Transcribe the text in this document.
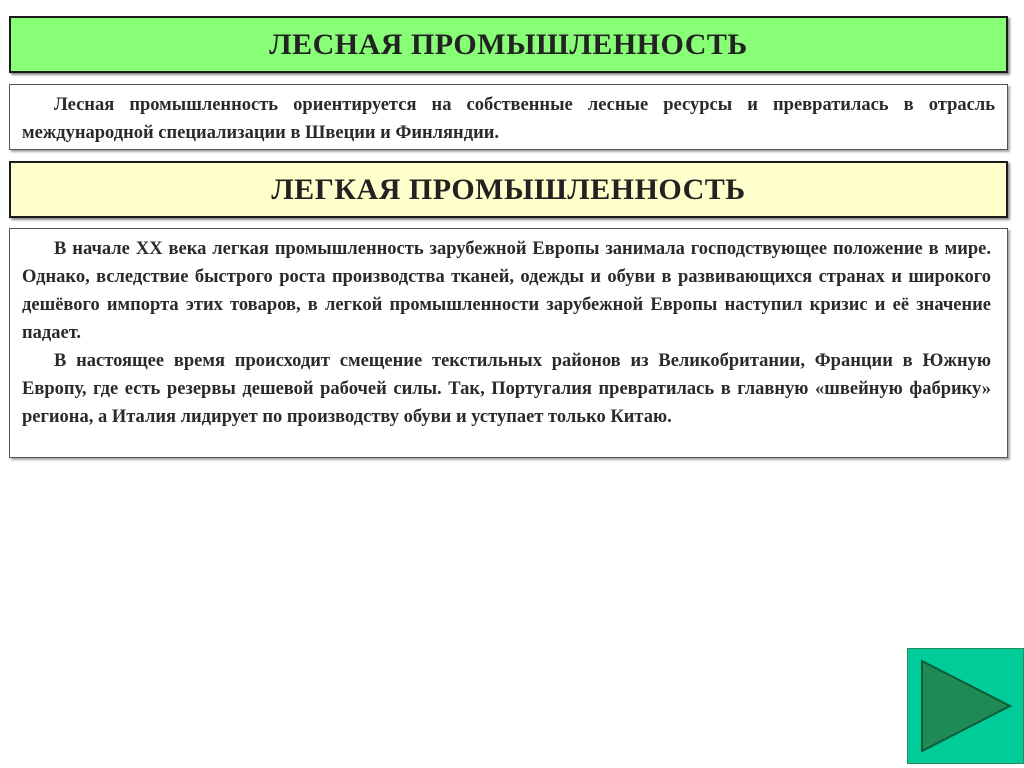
ЛЕСНАЯ ПРОМЫШЛЕННОСТЬ

Лесная промышленность ориентируется на собственные лесные ресурсы и превратилась в отрасль международной специализации в Швеции и Финляндии.

ЛЕГКАЯ ПРОМЫШЛЕННОСТЬ

В начале ХХ века легкая промышленность зарубежной Европы занимала господствующее положение в мире. Однако, вследствие быстрого роста производства тканей, одежды и обуви в развивающихся странах и широкого дешёвого импорта этих товаров, в легкой промышленности зарубежной Европы наступил кризис и её значение падает.

В настоящее время происходит смещение текстильных районов из Великобритании, Франции в Южную Европу, где есть резервы дешевой рабочей силы. Так, Португалия превратилась в главную «швейную фабрику» региона, а Италия лидирует по производству обуви и уступает только Китаю.
